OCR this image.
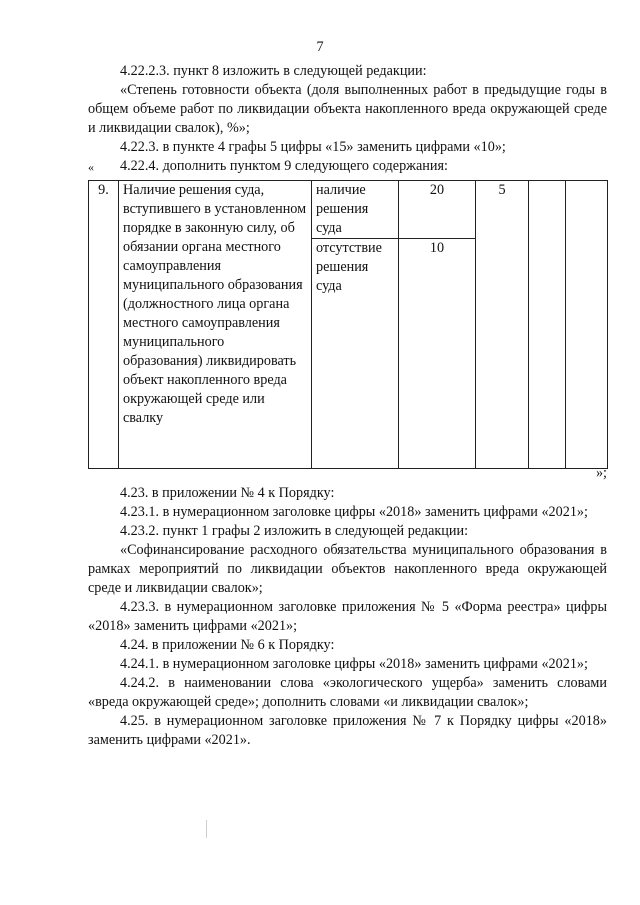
7

4.22.2.3. пункт 8 изложить в следующей редакции:

«Степень готовности объекта (доля выполненных работ в предыдущие годы в общем объеме работ по ликвидации объекта накопленного вреда окружающей среде и ликвидации свалок), %»;

4.22.3. в пункте 4 графы 5 цифры «15» заменить цифрами «10»;

4.22.4. дополнить пунктом 9 следующего содержания:

«
9.	Наличие решения суда, вступившего в установленном порядке в законную силу, об обязании органа местного самоуправления муниципального образования (должностного лица органа местного самоуправления муниципального образования) ликвидировать объект накопленного вреда окружающей среде или свалку	наличие решения суда	20	5		
		отсутствие решения суда	10			
»;

4.23. в приложении № 4 к Порядку:

4.23.1. в нумерационном заголовке цифры «2018» заменить цифрами «2021»;

4.23.2. пункт 1 графы 2 изложить в следующей редакции:

«Софинансирование расходного обязательства муниципального образования в рамках мероприятий по ликвидации объектов накопленного вреда окружающей среде и ликвидации свалок»;

4.23.3. в нумерационном заголовке приложения № 5 «Форма реестра» цифры «2018» заменить цифрами «2021»;

4.24. в приложении № 6 к Порядку:

4.24.1. в нумерационном заголовке цифры «2018» заменить цифрами «2021»;

4.24.2. в наименовании слова «экологического ущерба» заменить словами «вреда окружающей среде»; дополнить словами «и ликвидации свалок»;

4.25. в нумерационном заголовке приложения № 7 к Порядку цифры «2018» заменить цифрами «2021».
